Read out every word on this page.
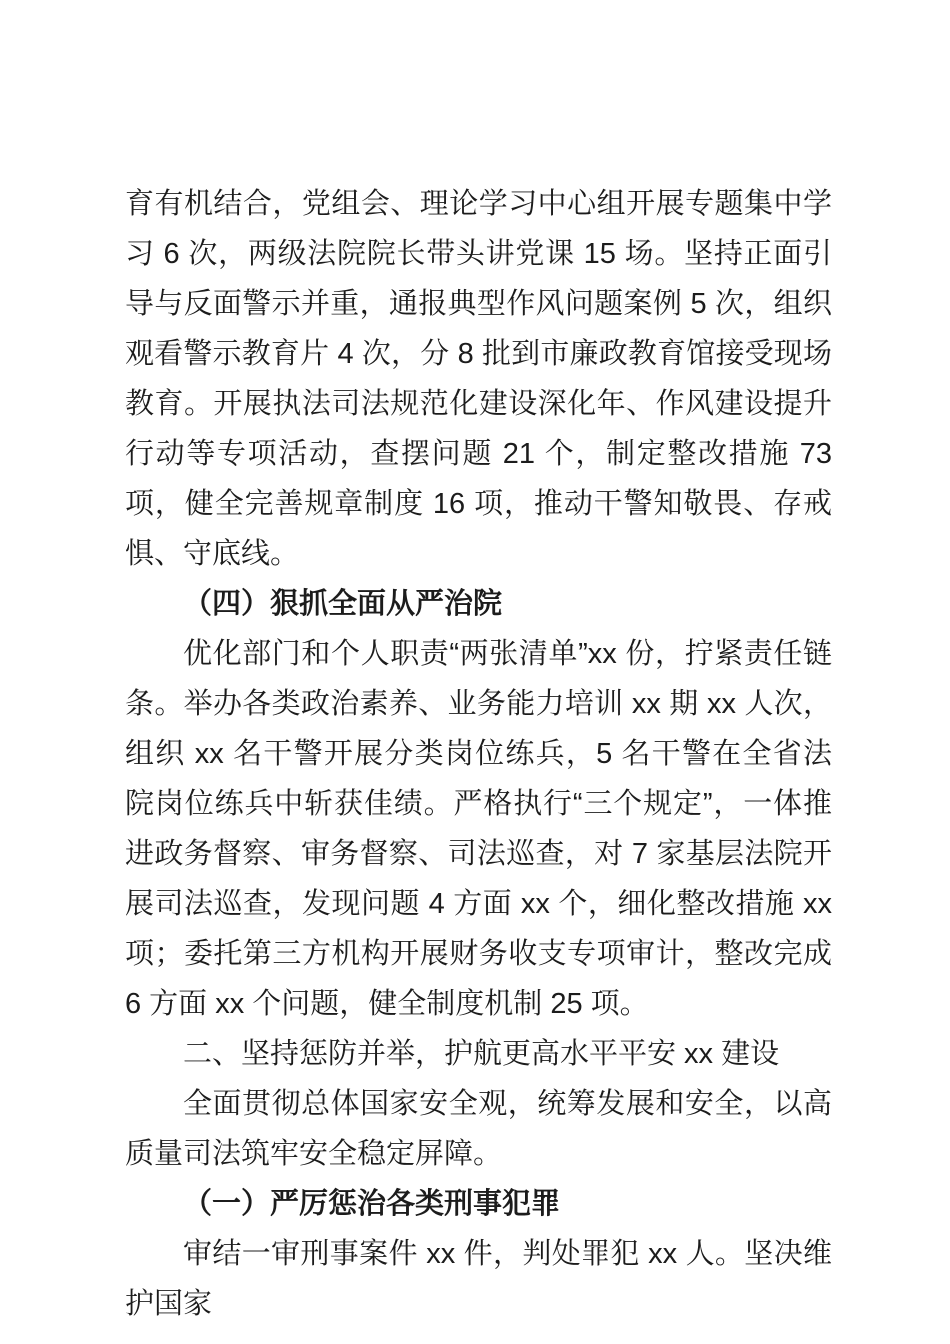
育有机结合，党组会、理论学习中心组开展专题集中学习 6 次，两级法院院长带头讲党课 15 场。坚持正面引导与反面警示并重，通报典型作风问题案例 5 次，组织观看警示教育片 4 次，分 8 批到市廉政教育馆接受现场教育。开展执法司法规范化建设深化年、作风建设提升行动等专项活动，查摆问题 21 个，制定整改措施 73 项，健全完善规章制度 16 项，推动干警知敬畏、存戒惧、守底线。

（四）狠抓全面从严治院

优化部门和个人职责“两张清单”xx 份，拧紧责任链条。举办各类政治素养、业务能力培训 xx 期 xx 人次，组织 xx 名干警开展分类岗位练兵，5 名干警在全省法院岗位练兵中斩获佳绩。严格执行“三个规定”，一体推进政务督察、审务督察、司法巡查，对 7 家基层法院开展司法巡查，发现问题 4 方面 xx 个，细化整改措施 xx 项；委托第三方机构开展财务收支专项审计，整改完成 6 方面 xx 个问题，健全制度机制 25 项。

二、坚持惩防并举，护航更高水平平安 xx 建设

全面贯彻总体国家安全观，统筹发展和安全，以高质量司法筑牢安全稳定屏障。

（一）严厉惩治各类刑事犯罪

审结一审刑事案件 xx 件，判处罪犯 xx 人。坚决维护国家
